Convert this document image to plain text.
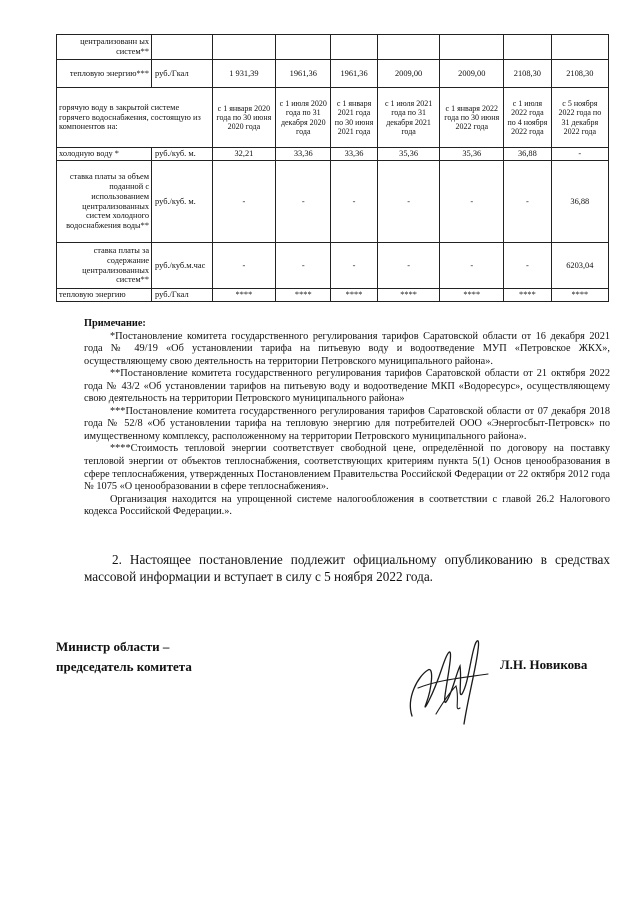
централизованн ых систем**								
тепловую энергию***	руб./Гкал	1 931,39	1961,36	1961,36	2009,00	2009,00	2108,30	2108,30
горячую воду в закрытой системе горячего водоснабжения, состоящую из компонентов на:		с 1 января 2020 года по 30 июня 2020 года	с 1 июля 2020 года по 31 декабря 2020 года	с 1 января 2021 года по 30 июня 2021 года	с 1 июля 2021 года по 31 декабря 2021 года	с 1 января 2022 года по 30 июня 2022 года	с 1 июля 2022 года по 4 ноября 2022 года	с 5 ноября 2022 года по 31 декабря 2022 года
холодную воду *	руб./куб. м.	32,21	33,36	33,36	35,36	35,36	36,88	-
ставка платы за объем поданной с использованием централизованных систем холодного водоснабжения воды**	руб./куб. м.	-	-	-	-	-	-	36,88
ставка платы за содержание централизованных систем**	руб./куб.м.час	-	-	-	-	-	-	6203,04
тепловую энергию	руб./Гкал	****	****	****	****	****	****	****

Примечание:

*Постановление комитета государственного регулирования тарифов Саратовской области от 16 декабря 2021 года № 49/19 «Об установлении тарифа на питьевую воду и водоотведение МУП «Петровское ЖКХ», осуществляющему свою деятельность на территории Петровского муниципального района».

**Постановление комитета государственного регулирования тарифов Саратовской области от 21 октября 2022 года № 43/2 «Об установлении тарифов на питьевую воду и водоотведение МКП «Водоресурс», осуществляющему свою деятельность на территории Петровского муниципального района»

***Постановление комитета государственного регулирования тарифов Саратовской области от 07 декабря 2018 года № 52/8 «Об установлении тарифа на тепловую энергию для потребителей ООО «Энергосбыт-Петровск» по имущественному комплексу, расположенному на территории Петровского муниципального района».

****Стоимость тепловой энергии соответствует свободной цене, определённой по договору на поставку тепловой энергии от объектов теплоснабжения, соответствующих критериям пункта 5(1) Основ ценообразования в сфере теплоснабжения, утвержденных Постановлением Правительства Российской Федерации от 22 октября 2012 года № 1075 «О ценообразовании в сфере теплоснабжения».

Организация находится на упрощенной системе налогообложения в соответствии с главой 26.2 Налогового кодекса Российской Федерации.».

2. Настоящее постановление подлежит официальному опубликованию в средствах массовой информации и вступает в силу с 5 ноября 2022 года.

Министр области –
председатель комитета	Л.Н. Новикова
